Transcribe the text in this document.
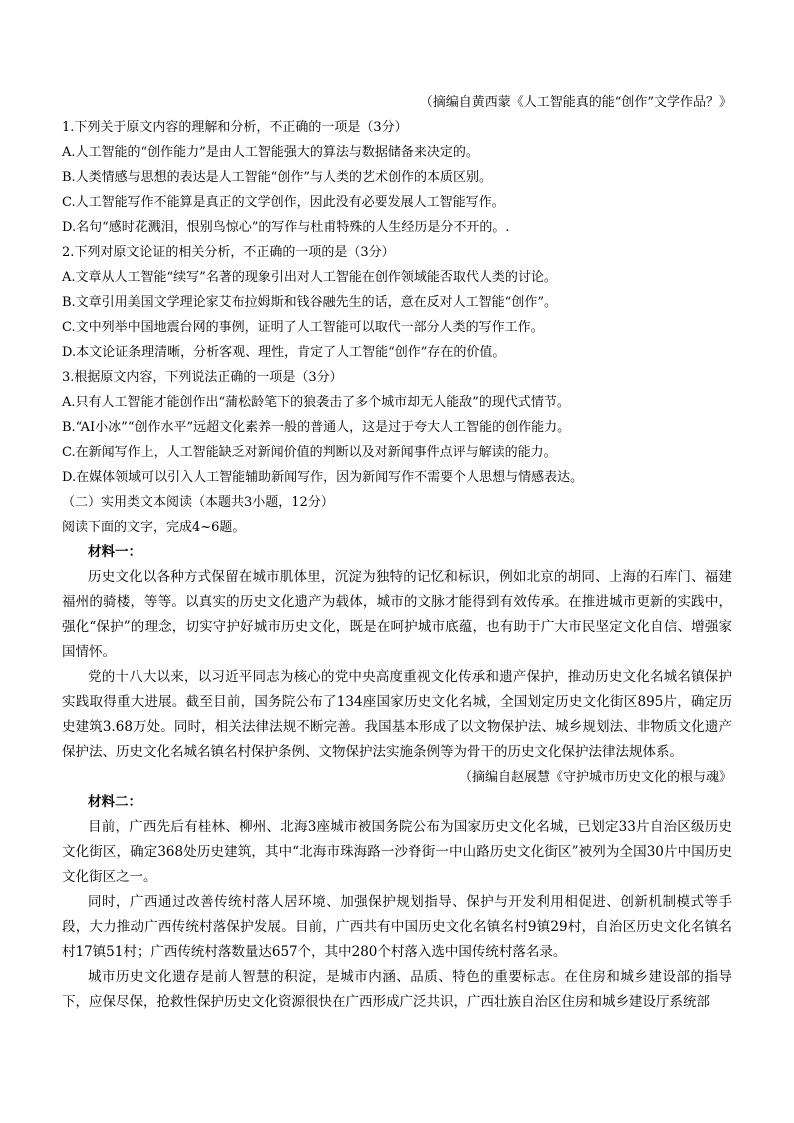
（摘编自黄西蒙《人工智能真的能“创作”文学作品？》
1.下列关于原文内容的理解和分析，不正确的一项是（3分）
A.人工智能的“创作能力”是由人工智能强大的算法与数据储备来决定的。
B.人类情感与思想的表达是人工智能“创作”与人类的艺术创作的本质区别。
C.人工智能写作不能算是真正的文学创作，因此没有必要发展人工智能写作。
D.名句“感时花溅泪，恨别鸟惊心”的写作与杜甫特殊的人生经历是分不开的。.
2.下列对原文论证的相关分析，不正确的一项的是（3分）
A.文章从人工智能“续写”名著的现象引出对人工智能在创作领域能否取代人类的讨论。
B.文章引用美国文学理论家艾布拉姆斯和钱谷融先生的话，意在反对人工智能“创作”。
C.文中列举中国地震台网的事例，证明了人工智能可以取代一部分人类的写作工作。
D.本文论证条理清晰，分析客观、理性，肯定了人工智能“创作”存在的价值。
3.根据原文内容，下列说法正确的一项是（3分）
A.只有人工智能才能创作出“蒲松龄笔下的狼袭击了多个城市却无人能敌”的现代式情节。
B.“AI小冰”“创作水平”远超文化素养一般的普通人，这是过于夸大人工智能的创作能力。
C.在新闻写作上，人工智能缺乏对新闻价值的判断以及对新闻事件点评与解读的能力。
D.在媒体领域可以引入人工智能辅助新闻写作，因为新闻写作不需要个人思想与情感表达。
（二）实用类文本阅读（本题共3小题，12分）
阅读下面的文字，完成4~6题。
材料一：

历史文化以各种方式保留在城市肌体里，沉淀为独特的记忆和标识，例如北京的胡同、上海的石库门、福建福州的骑楼，等等。以真实的历史文化遗产为载体，城市的文脉才能得到有效传承。在推进城市更新的实践中，强化“保护”的理念，切实守护好城市历史文化，既是在呵护城市底蕴，也有助于广大市民坚定文化自信、增强家国情怀。

党的十八大以来，以习近平同志为核心的党中央高度重视文化传承和遗产保护，推动历史文化名城名镇保护实践取得重大进展。截至目前，国务院公布了134座国家历史文化名城，全国划定历史文化街区895片，确定历史建筑3.68万处。同时，相关法律法规不断完善。我国基本形成了以文物保护法、城乡规划法、非物质文化遗产保护法、历史文化名城名镇名村保护条例、文物保护法实施条例等为骨干的历史文化保护法律法规体系。

（摘编自赵展慧《守护城市历史文化的根与魂》
材料二：

目前，广西先后有桂林、柳州、北海3座城市被国务院公布为国家历史文化名城，已划定33片自治区级历史文化街区，确定368处历史建筑，其中“北海市珠海路一沙脊街一中山路历史文化街区”被列为全国30片中国历史文化街区之一。

同时，广西通过改善传统村落人居环境、加强保护规划指导、保护与开发利用相促进、创新机制模式等手段，大力推动广西传统村落保护发展。目前，广西共有中国历史文化名镇名村9镇29村，自治区历史文化名镇名村17镇51村；广西传统村落数量达657个，其中280个村落入选中国传统村落名录。

城市历史文化遗存是前人智慧的积淀，是城市内涵、品质、特色的重要标志。在住房和城乡建设部的指导下，应保尽保，抢救性保护历史文化资源很快在广西形成广泛共识，广西壮族自治区住房和城乡建设厅系统部
